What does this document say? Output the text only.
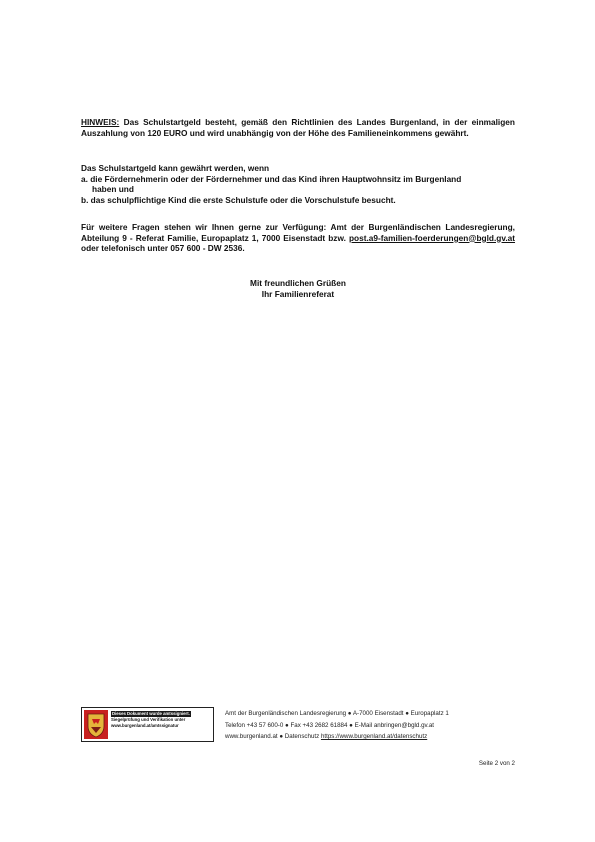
HINWEIS: Das Schulstartgeld besteht, gemäß den Richtlinien des Landes Burgenland, in der einmaligen Auszahlung von 120 EURO und wird unabhängig von der Höhe des Familieneinkommens gewährt.
Das Schulstartgeld kann gewährt werden, wenn
a. die Fördernehmerin oder der Fördernehmer und das Kind ihren Hauptwohnsitz im Burgenland
haben und
b. das schulpflichtige Kind die erste Schulstufe oder die Vorschulstufe besucht.
Für weitere Fragen stehen wir Ihnen gerne zur Verfügung: Amt der Burgenländischen Landesregierung, Abteilung 9 - Referat Familie, Europaplatz 1, 7000 Eisenstadt bzw. post.a9-familien-foerderungen@bgld.gv.at oder telefonisch unter 057 600 - DW 2536.
Mit freundlichen Grüßen
Ihr Familienreferat
Dieses Dokument wurde amtssigniert.
Siegelprüfung und Verifikation unter
www.burgenland.at/amtssignatur
Amt der Burgenländischen Landesregierung ● A-7000 Eisenstadt ● Europaplatz 1
Telefon +43 57 600-0 ● Fax +43 2682 61884 ● E-Mail anbringen@bgld.gv.at
www.burgenland.at ● Datenschutz https://www.burgenland.at/datenschutz
Seite 2 von 2
